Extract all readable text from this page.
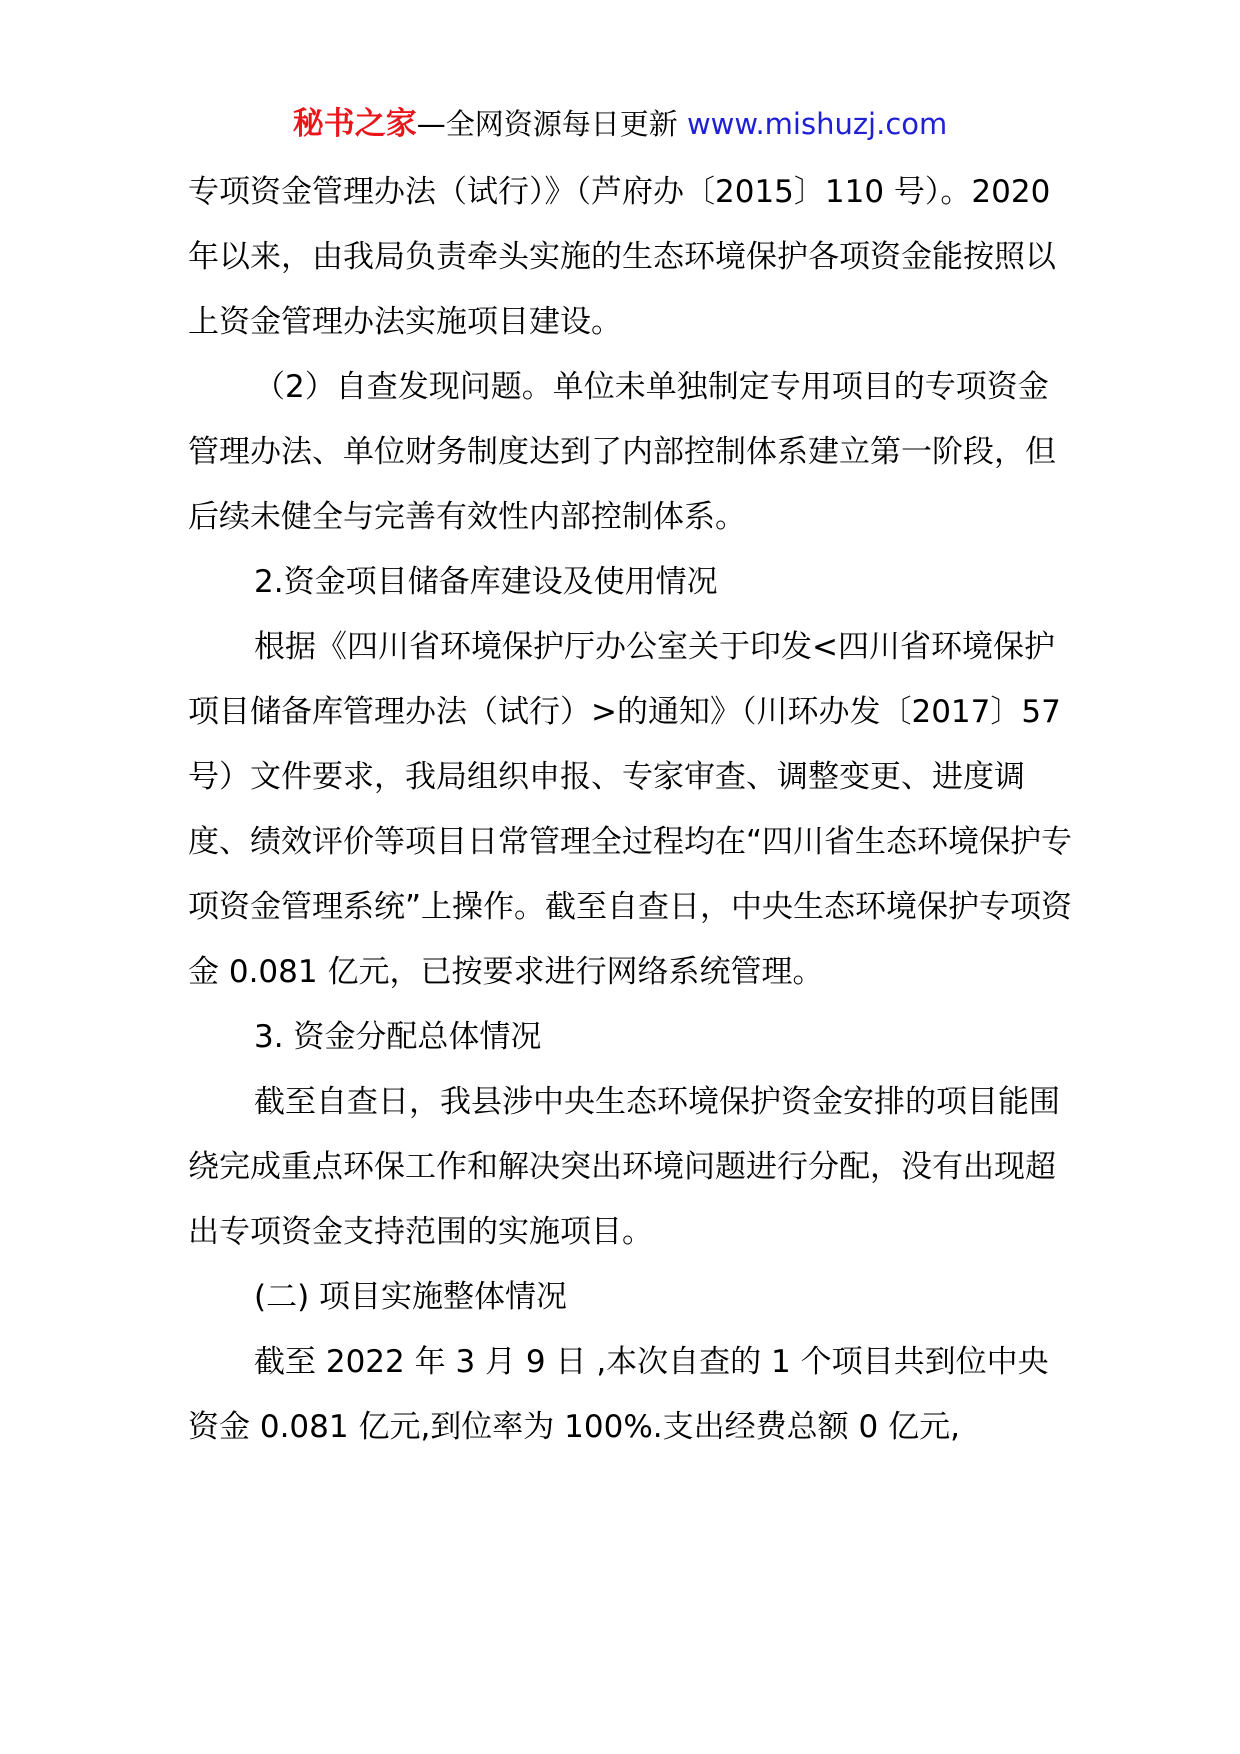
秘书之家—全网资源每日更新 www.mishuzj.com

专项资金管理办法（试行）》（芦府办〔2015〕110 号）。2020 年以来，由我局负责牵头实施的生态环境保护各项资金能按照以上资金管理办法实施项目建设。

（2）自查发现问题。单位未单独制定专用项目的专项资金管理办法、单位财务制度达到了内部控制体系建立第一阶段，但后续未健全与完善有效性内部控制体系。

2.资金项目储备库建设及使用情况

根据《四川省环境保护厅办公室关于印发<四川省环境保护项目储备库管理办法（试行）>的通知》（川环办发〔2017〕57 号）文件要求，我局组织申报、专家审查、调整变更、进度调度、绩效评价等项目日常管理全过程均在“四川省生态环境保护专项资金管理系统”上操作。截至自查日，中央生态环境保护专项资金 0.081 亿元，已按要求进行网络系统管理。

3. 资金分配总体情况

截至自查日，我县涉中央生态环境保护资金安排的项目能围绕完成重点环保工作和解决突出环境问题进行分配，没有出现超出专项资金支持范围的实施项目。

(二) 项目实施整体情况

截至 2022 年 3 月 9 日 ,本次自查的 1 个项目共到位中央资金 0.081 亿元,到位率为 100%.支出经费总额 0 亿元,
